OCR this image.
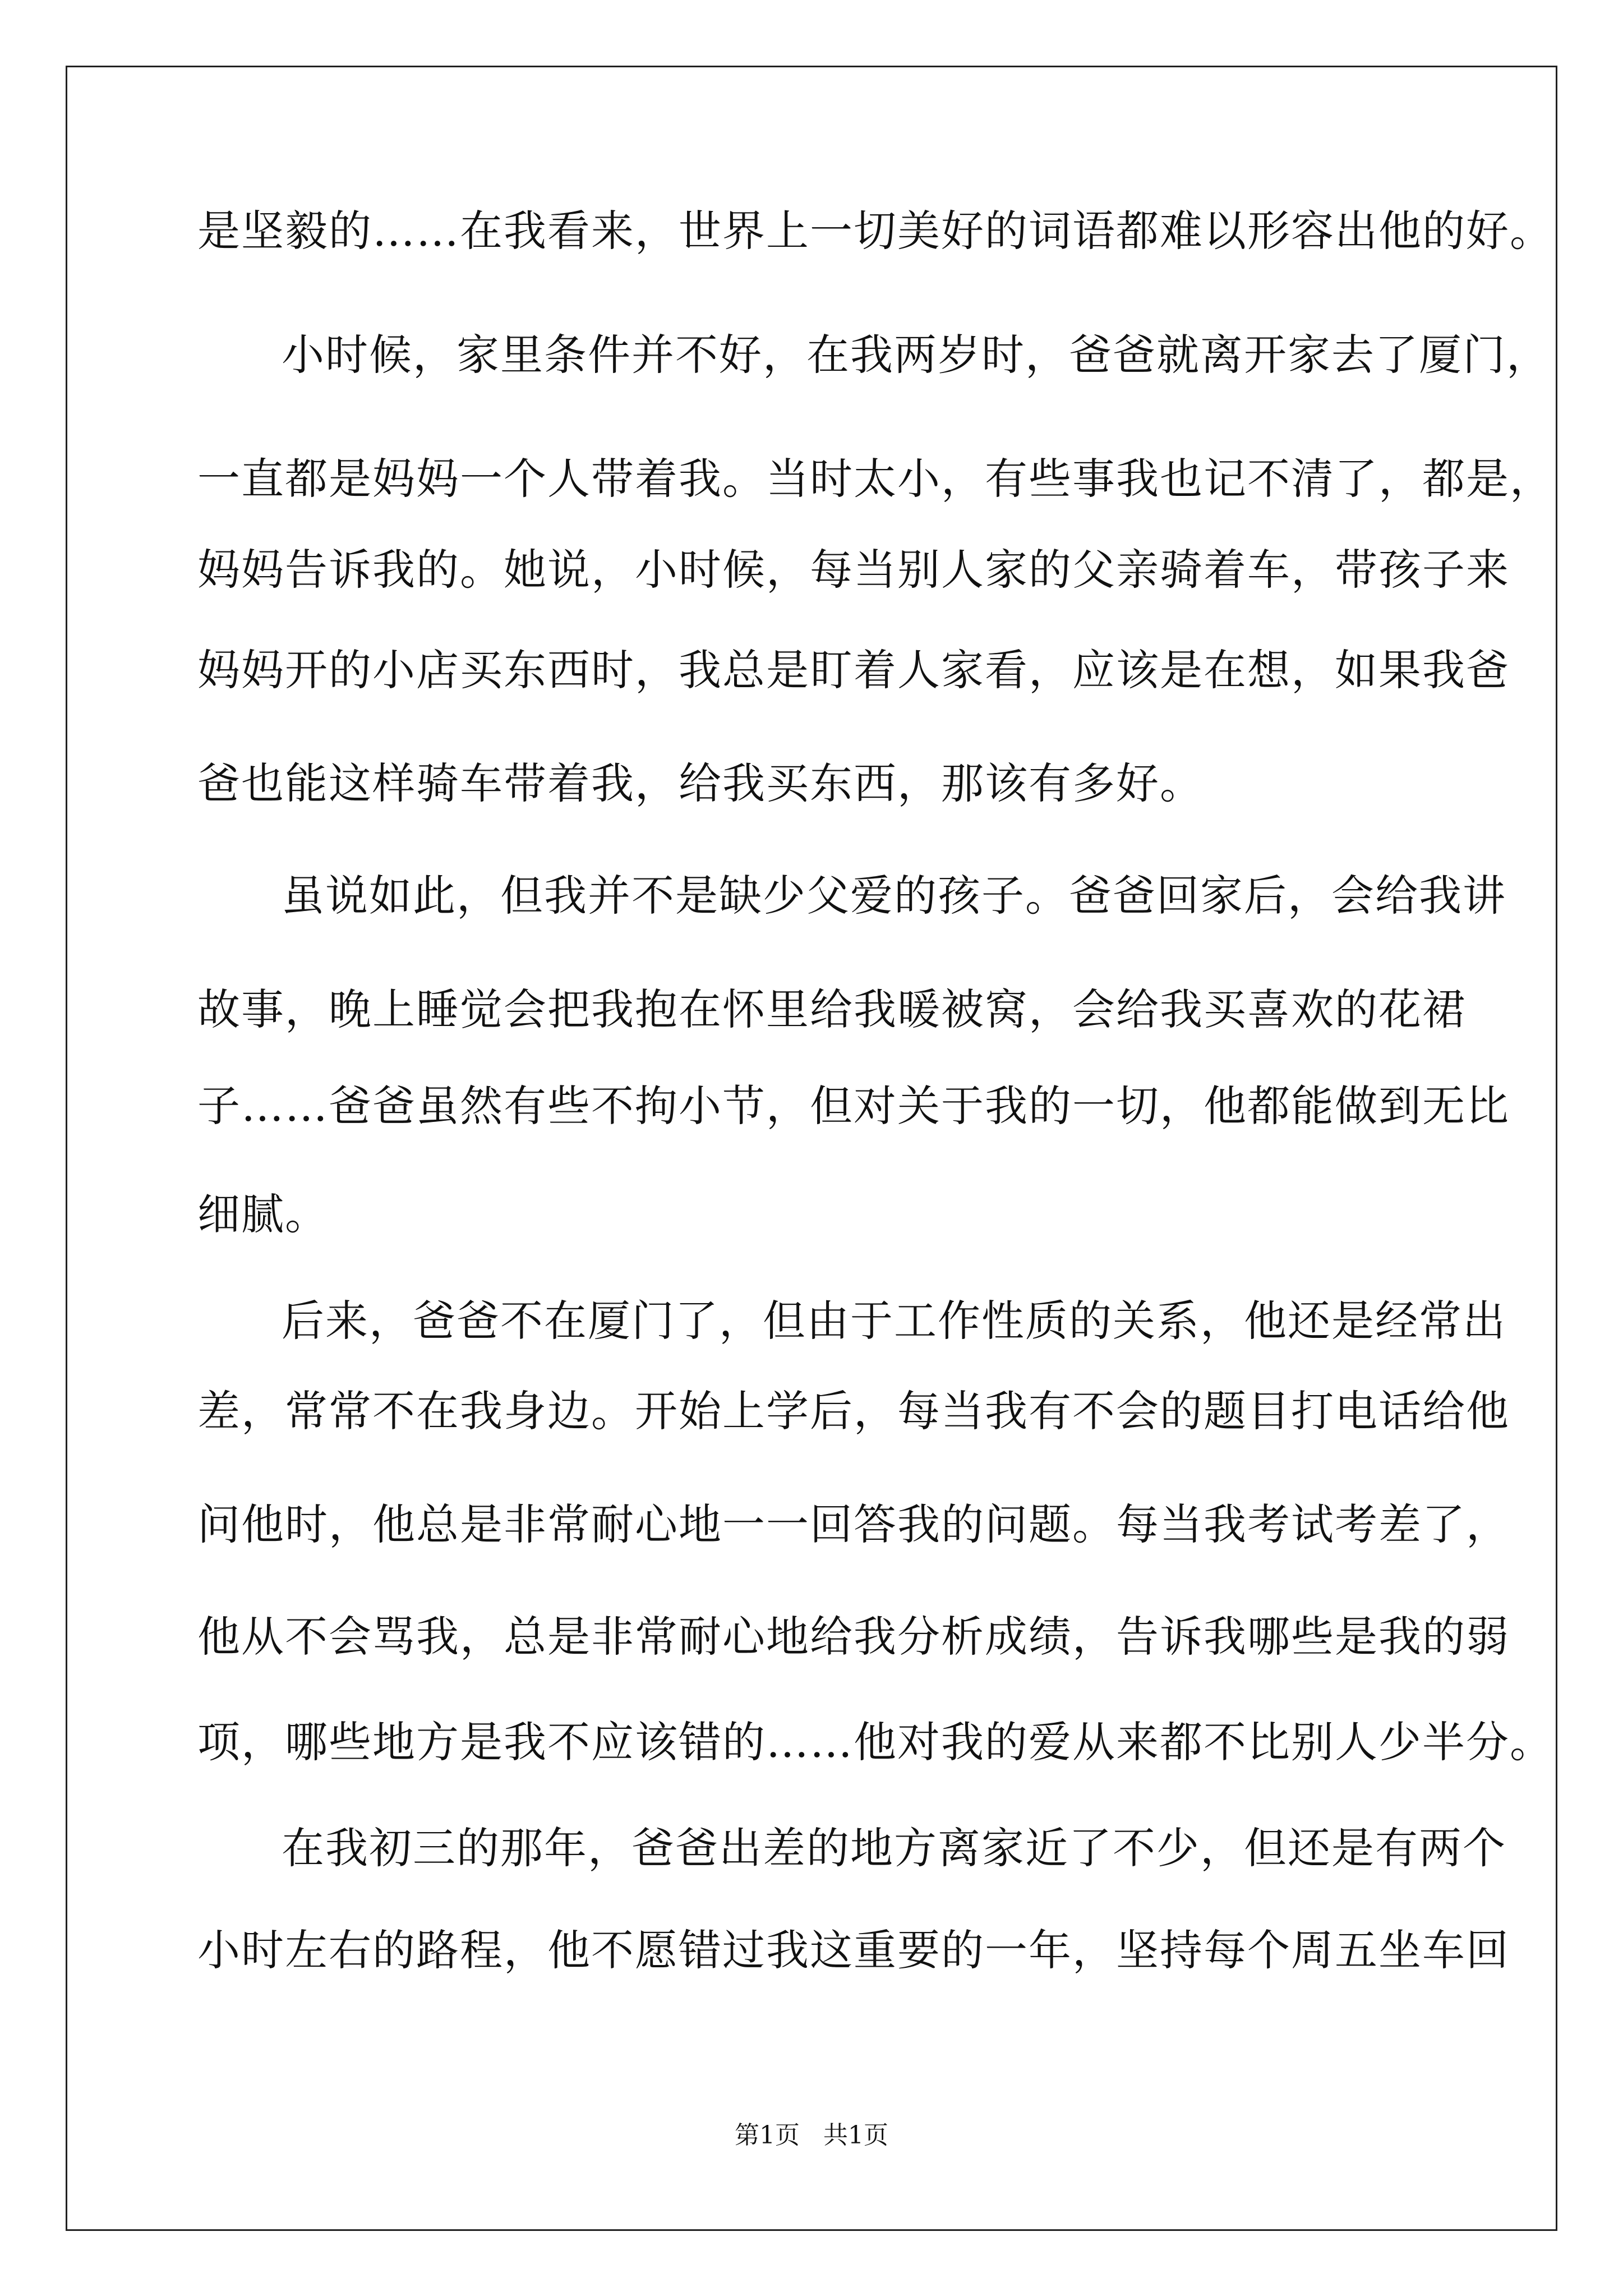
是坚毅的……在我看来，世界上一切美好的词语都难以形容出他的好。
小时候，家里条件并不好，在我两岁时，爸爸就离开家去了厦门，
一直都是妈妈一个人带着我。当时太小，有些事我也记不清了，都是，
妈妈告诉我的。她说，小时候，每当别人家的父亲骑着车，带孩子来
妈妈开的小店买东西时，我总是盯着人家看，应该是在想，如果我爸
爸也能这样骑车带着我，给我买东西，那该有多好。
虽说如此，但我并不是缺少父爱的孩子。爸爸回家后，会给我讲
故事，晚上睡觉会把我抱在怀里给我暖被窝，会给我买喜欢的花裙
子……爸爸虽然有些不拘小节，但对关于我的一切，他都能做到无比
细腻。
后来，爸爸不在厦门了，但由于工作性质的关系，他还是经常出
差，常常不在我身边。开始上学后，每当我有不会的题目打电话给他
问他时，他总是非常耐心地一一回答我的问题。每当我考试考差了，
他从不会骂我，总是非常耐心地给我分析成绩，告诉我哪些是我的弱
项，哪些地方是我不应该错的……他对我的爱从来都不比别人少半分。
在我初三的那年，爸爸出差的地方离家近了不少，但还是有两个
小时左右的路程，他不愿错过我这重要的一年，坚持每个周五坐车回
第1页   共1页
